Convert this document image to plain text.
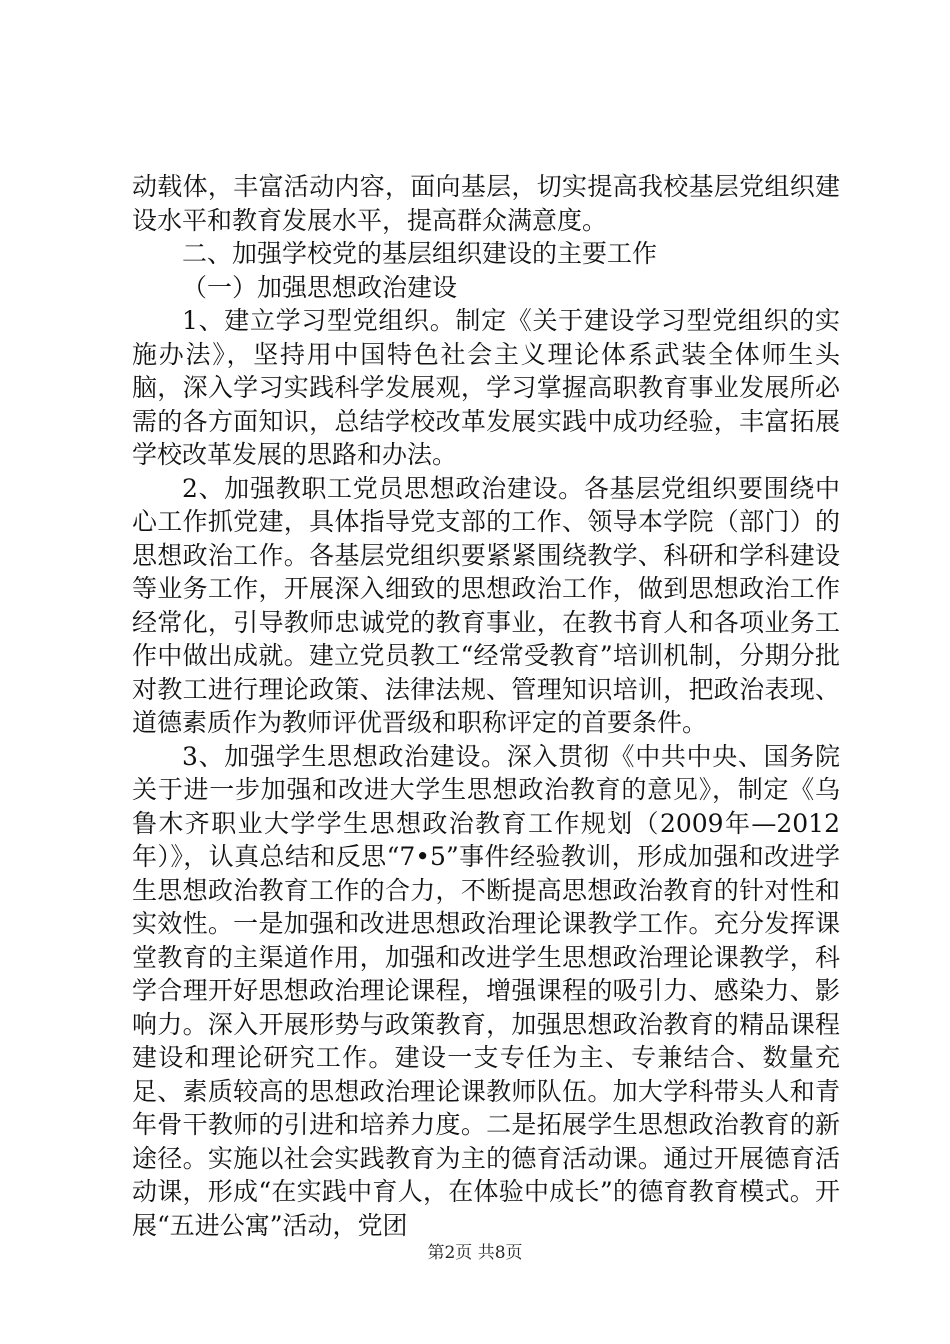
动载体，丰富活动内容，面向基层，切实提高我校基层党组织建设水平和教育发展水平，提高群众满意度。

二、加强学校党的基层组织建设的主要工作

（一）加强思想政治建设

1、建立学习型党组织。制定《关于建设学习型党组织的实施办法》，坚持用中国特色社会主义理论体系武装全体师生头脑，深入学习实践科学发展观，学习掌握高职教育事业发展所必需的各方面知识，总结学校改革发展实践中成功经验，丰富拓展学校改革发展的思路和办法。

2、加强教职工党员思想政治建设。各基层党组织要围绕中心工作抓党建，具体指导党支部的工作、领导本学院（部门）的思想政治工作。各基层党组织要紧紧围绕教学、科研和学科建设等业务工作，开展深入细致的思想政治工作，做到思想政治工作经常化，引导教师忠诚党的教育事业，在教书育人和各项业务工作中做出成就。建立党员教工“经常受教育”培训机制，分期分批对教工进行理论政策、法律法规、管理知识培训，把政治表现、道德素质作为教师评优晋级和职称评定的首要条件。

3、加强学生思想政治建设。深入贯彻《中共中央、国务院关于进一步加强和改进大学生思想政治教育的意见》，制定《乌鲁木齐职业大学学生思想政治教育工作规划（2009年—2012年）》，认真总结和反思“7•5”事件经验教训，形成加强和改进学生思想政治教育工作的合力，不断提高思想政治教育的针对性和实效性。一是加强和改进思想政治理论课教学工作。充分发挥课堂教育的主渠道作用，加强和改进学生思想政治理论课教学，科学合理开好思想政治理论课程，增强课程的吸引力、感染力、影响力。深入开展形势与政策教育，加强思想政治教育的精品课程建设和理论研究工作。建设一支专任为主、专兼结合、数量充足、素质较高的思想政治理论课教师队伍。加大学科带头人和青年骨干教师的引进和培养力度。二是拓展学生思想政治教育的新途径。实施以社会实践教育为主的德育活动课。通过开展德育活动课，形成“在实践中育人，在体验中成长”的德育教育模式。开展“五进公寓”活动，党团

第2页 共8页
